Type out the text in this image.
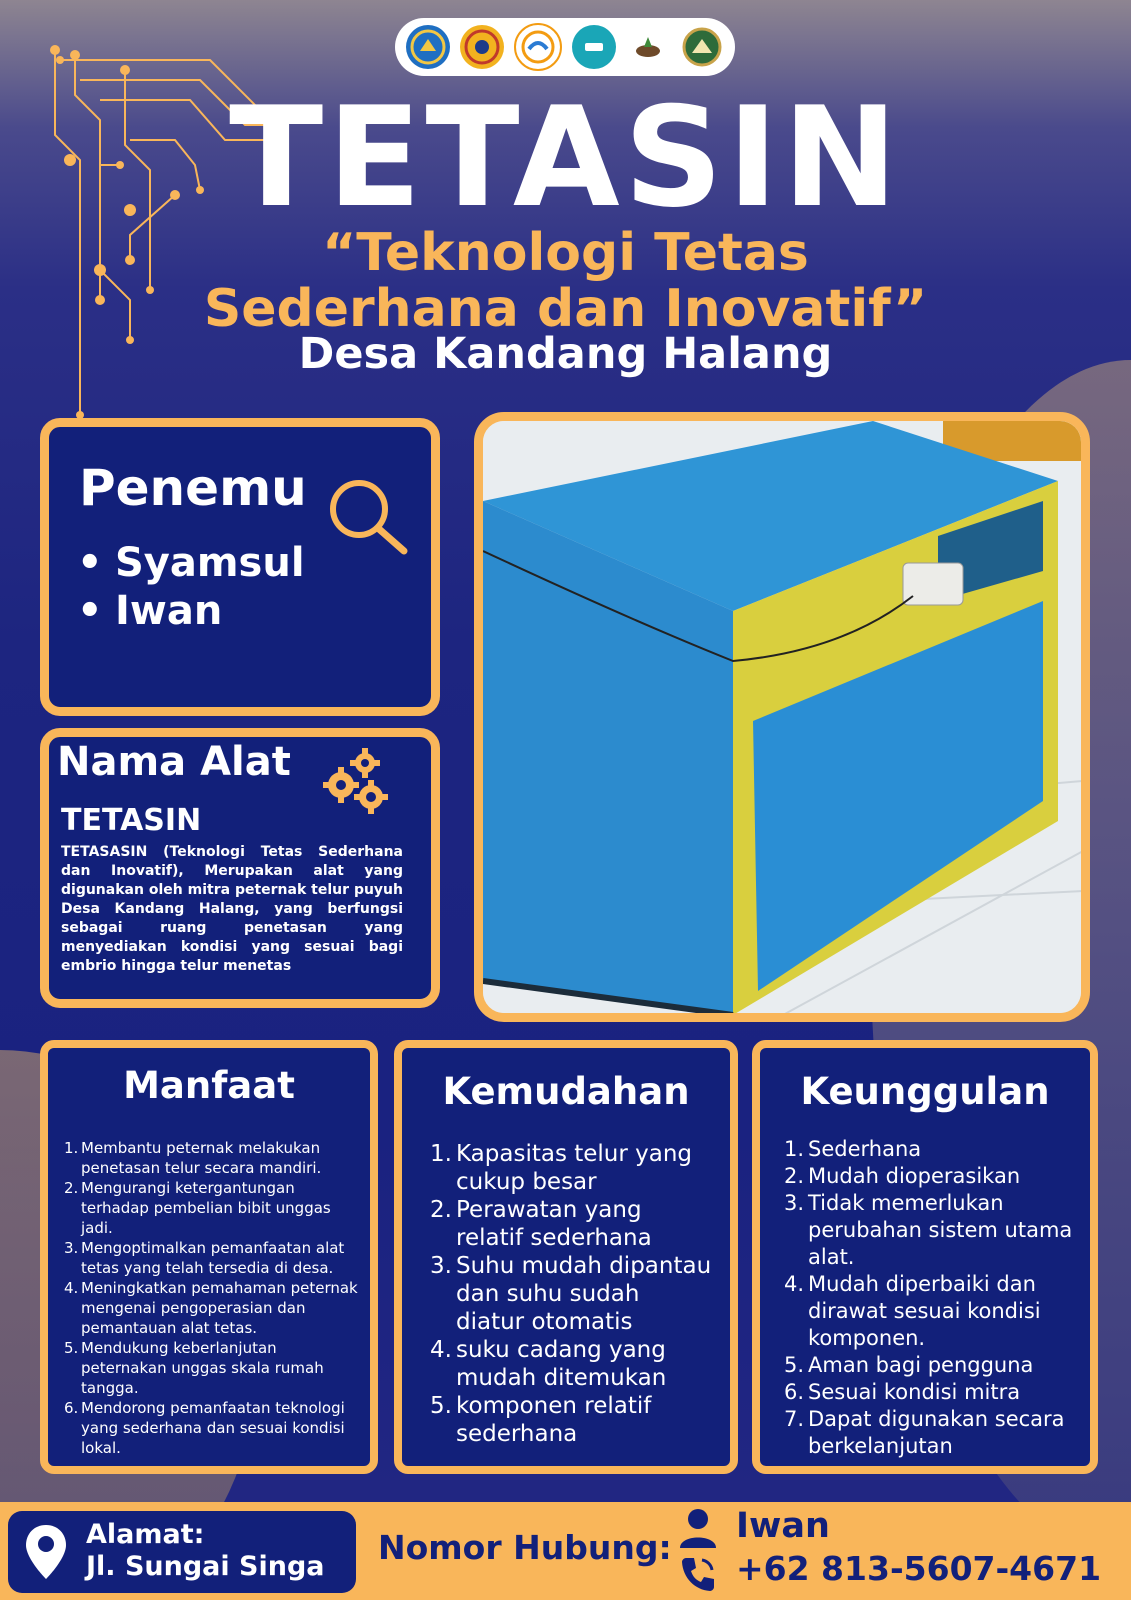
TETASIN
“Teknologi Tetas
Sederhana dan Inovatif”
Desa Kandang Halang
Penemu
• Syamsul
• Iwan
Nama Alat
TETASIN
TETASASIN (Teknologi Tetas Sederhana dan Inovatif), Merupakan alat yang digunakan oleh mitra peternak telur puyuh Desa Kandang Halang, yang berfungsi sebagai ruang penetasan yang menyediakan kondisi yang sesuai bagi embrio hingga telur menetas
Manfaat
Membantu peternak melakukan penetasan telur secara mandiri.
Mengurangi ketergantungan terhadap pembelian bibit unggas jadi.
Mengoptimalkan pemanfaatan alat tetas yang telah tersedia di desa.
Meningkatkan pemahaman peternak mengenai pengoperasian dan pemantauan alat tetas.
Mendukung keberlanjutan peternakan unggas skala rumah tangga.
Mendorong pemanfaatan teknologi yang sederhana dan sesuai kondisi lokal.
Kemudahan
Kapasitas telur yang cukup besar
Perawatan yang relatif sederhana
Suhu mudah dipantau dan suhu sudah diatur otomatis
suku cadang yang mudah ditemukan
komponen relatif sederhana
Keunggulan
Sederhana
Mudah dioperasikan
Tidak memerlukan perubahan sistem utama alat.
Mudah diperbaiki dan dirawat sesuai kondisi komponen.
Aman bagi pengguna
Sesuai kondisi mitra
Dapat digunakan secara berkelanjutan
Alamat:
Jl. Sungai Singa Nomor Hubung:
Iwan
+62 813-5607-4671
